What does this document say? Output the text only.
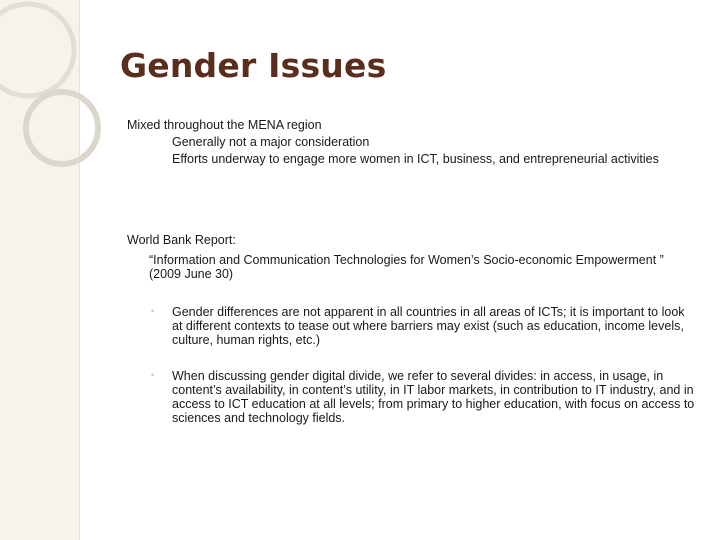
Gender Issues
Mixed throughout the MENA region
Generally not a major consideration
Efforts underway to engage more women in ICT, business, and entrepreneurial activities
World Bank Report:

“Information and Communication Technologies for Women’s Socio-economic Empowerment ” (2009 June 30)

◦ Gender differences are not apparent in all countries in all areas of ICTs; it is important to look at different contexts to tease out where barriers may exist (such as education, income levels, culture, human rights, etc.)

◦ When discussing gender digital divide, we refer to several divides: in access, in usage, in content’s availability, in content’s utility, in IT labor markets, in contribution to IT industry, and in access to ICT education at all levels; from primary to higher education, with focus on access to sciences and technology fields.
